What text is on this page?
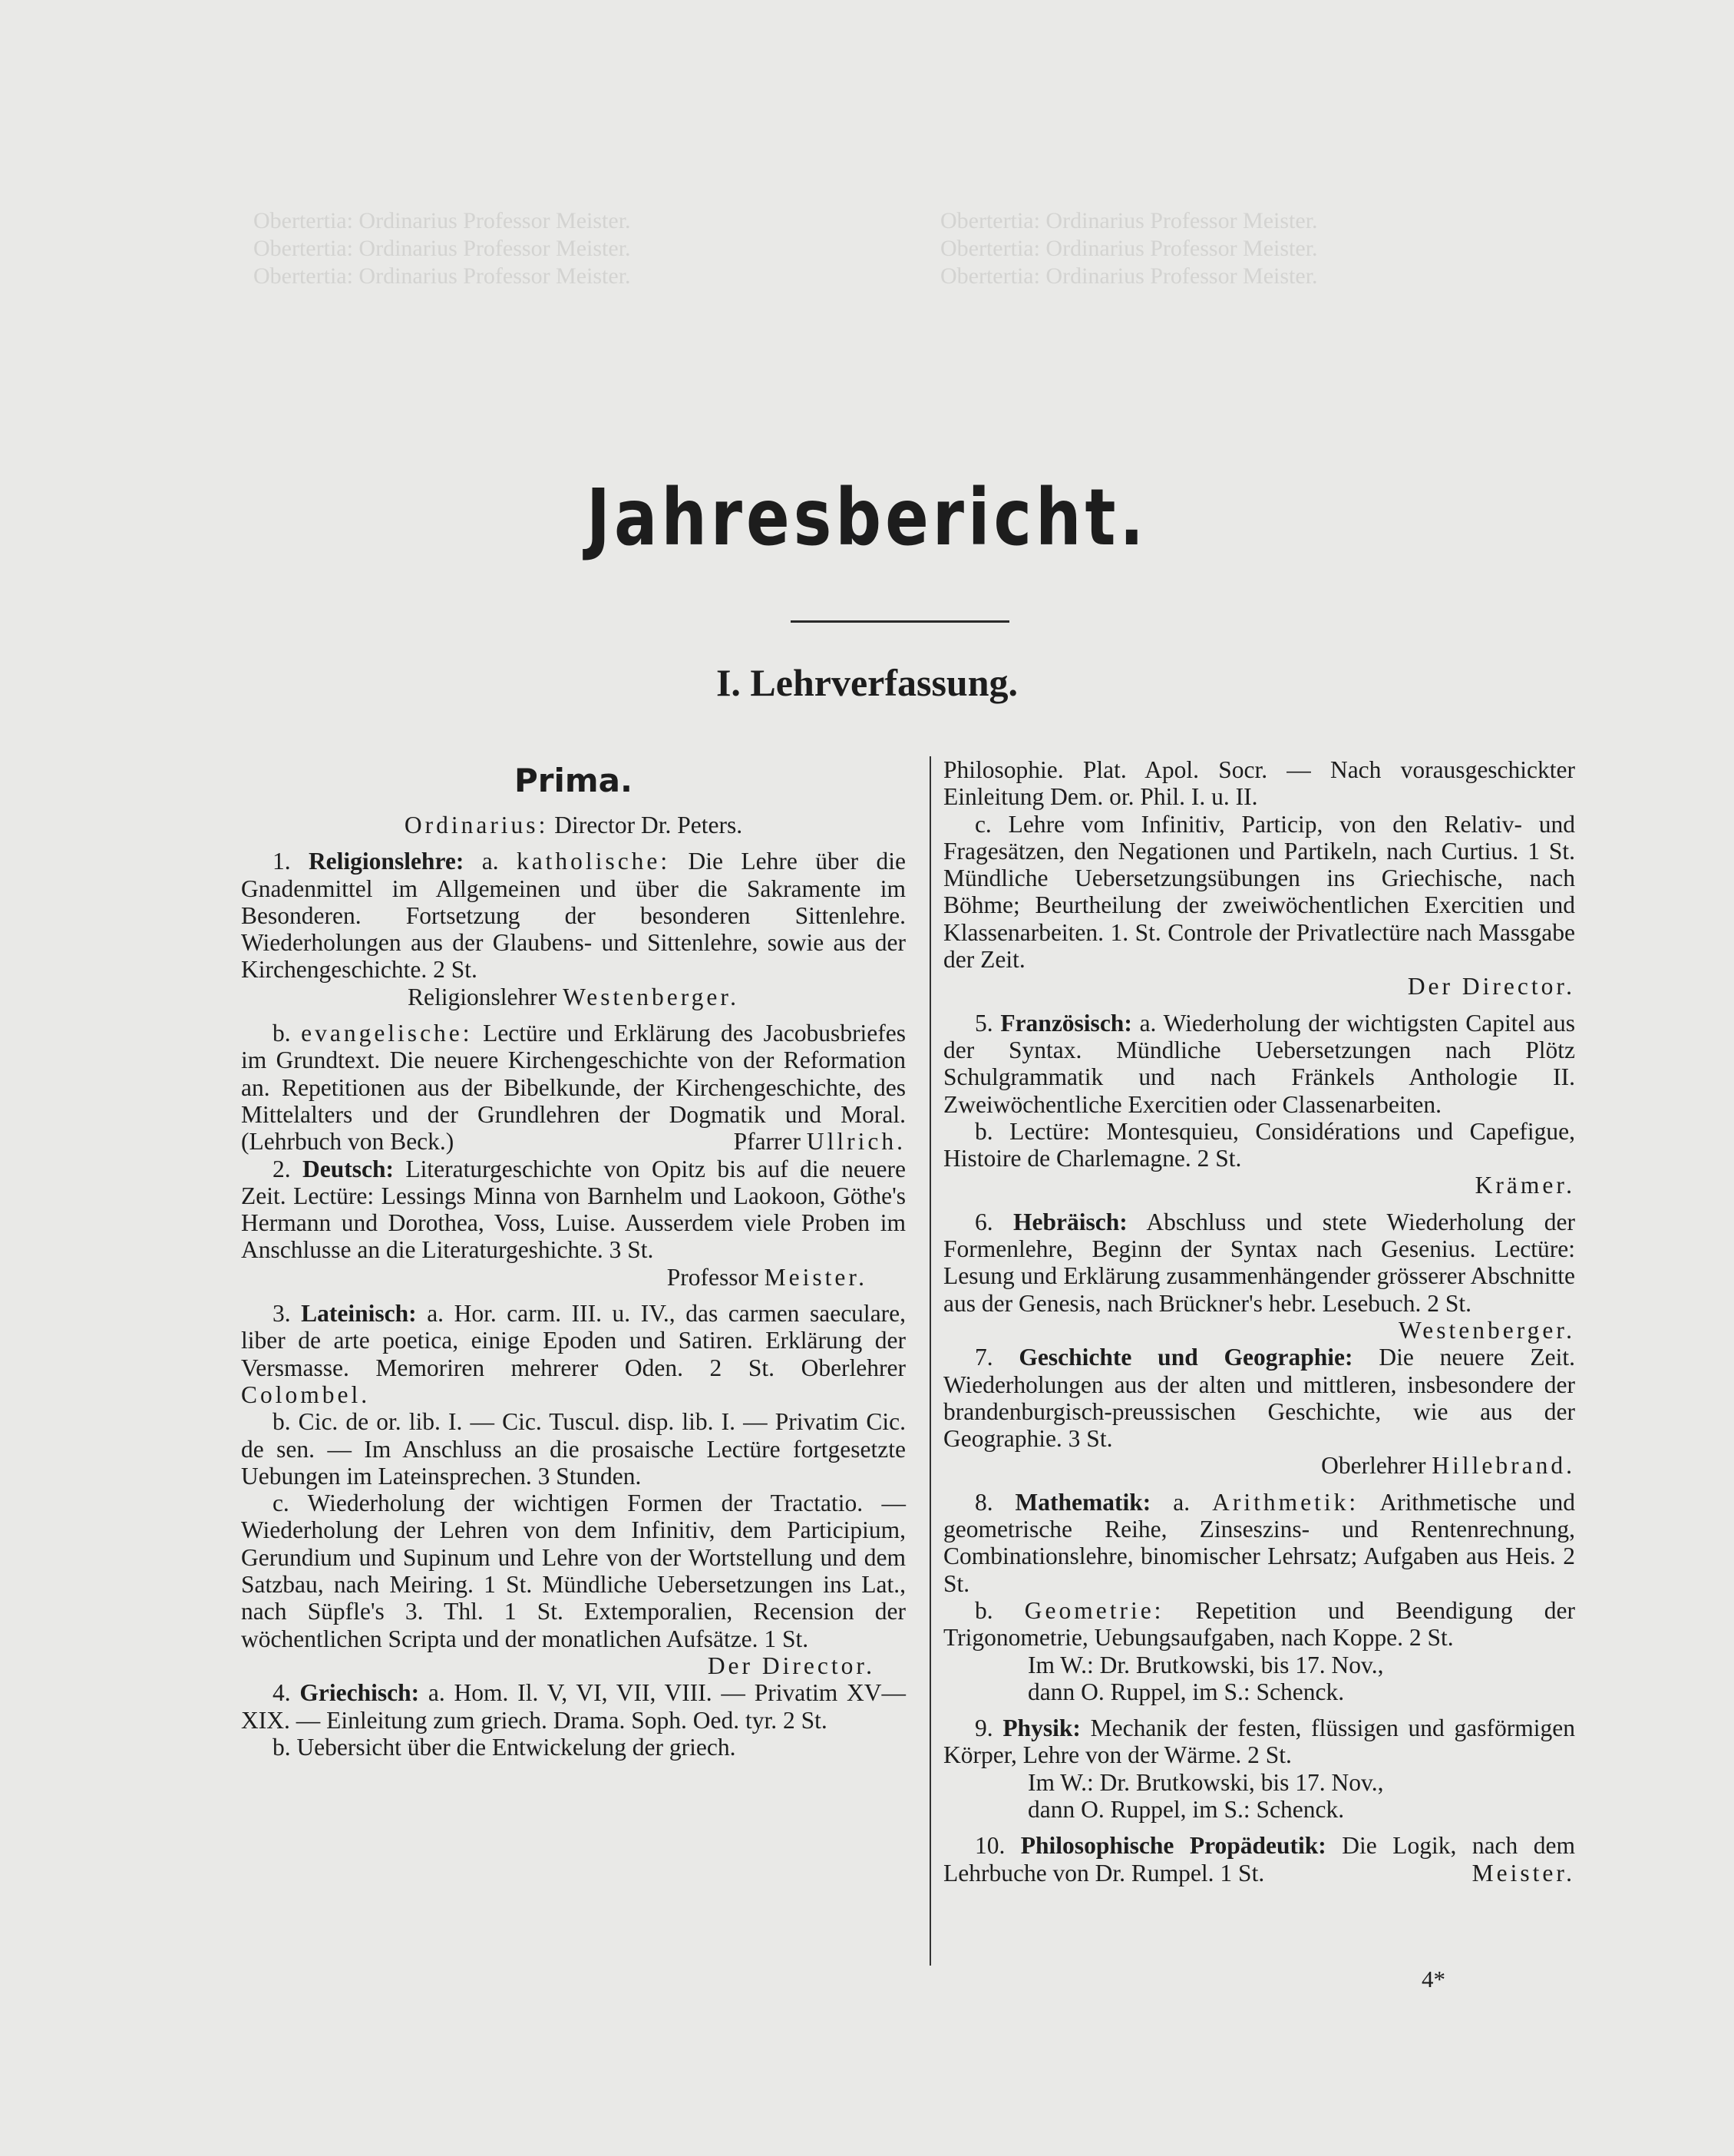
Obertertia: Ordinarius Professor Meister.
Obertertia: Ordinarius Professor Meister.
Obertertia: Ordinarius Professor Meister.
Obertertia: Ordinarius Professor Meister.
Obertertia: Ordinarius Professor Meister.
Obertertia: Ordinarius Professor Meister.
Jahresbericht.
I. Lehrverfassung.
Prima.

Ordinarius: Director Dr. Peters.

1. Religionslehre: a. katholische: Die Lehre über die Gnadenmittel im Allgemeinen und über die Sakramente im Besonderen. Fortsetzung der besonderen Sittenlehre. Wiederholungen aus der Glaubens- und Sittenlehre, sowie aus der Kirchengeschichte. 2 St.

Religionslehrer Westenberger.

b. evangelische: Lectüre und Erklärung des Jacobusbriefes im Grundtext. Die neuere Kirchengeschichte von der Reformation an. Repetitionen aus der Bibelkunde, der Kirchengeschichte, des Mittelalters und der Grundlehren der Dogmatik und Moral. (Lehrbuch von Beck.)	Pfarrer Ullrich.

2. Deutsch: Literaturgeschichte von Opitz bis auf die neuere Zeit. Lectüre: Lessings Minna von Barnhelm und Laokoon, Göthe's Hermann und Dorothea, Voss, Luise. Ausserdem viele Proben im Anschlusse an die Literaturgeshichte. 3 St.

Professor Meister.

3. Lateinisch: a. Hor. carm. III. u. IV., das carmen saeculare, liber de arte poetica, einige Epoden und Satiren. Erklärung der Versmasse. Memoriren mehrerer Oden. 2 St. Oberlehrer Colombel.

b. Cic. de or. lib. I. — Cic. Tuscul. disp. lib. I. — Privatim Cic. de sen. — Im Anschluss an die prosaische Lectüre fortgesetzte Uebungen im Lateinsprechen. 3 Stunden.

c. Wiederholung der wichtigen Formen der Tractatio. — Wiederholung der Lehren von dem Infinitiv, dem Participium, Gerundium und Supinum und Lehre von der Wortstellung und dem Satzbau, nach Meiring. 1 St. Mündliche Uebersetzungen ins Lat., nach Süpfle's 3. Thl. 1 St. Extemporalien, Recension der wöchentlichen Scripta und der monatlichen Aufsätze. 1 St.
Der Director.

4. Griechisch: a. Hom. Il. V, VI, VII, VIII. — Privatim XV—XIX. — Einleitung zum griech. Drama. Soph. Oed. tyr. 2 St.

b. Uebersicht über die Entwickelung der griech.

Philosophie. Plat. Apol. Socr. — Nach vorausgeschickter Einleitung Dem. or. Phil. I. u. II.

c. Lehre vom Infinitiv, Particip, von den Relativ- und Fragesätzen, den Negationen und Partikeln, nach Curtius. 1 St. Mündliche Uebersetzungsübungen ins Griechische, nach Böhme; Beurtheilung der zweiwöchentlichen Exercitien und Klassenarbeiten. 1. St. Controle der Privatlectüre nach Massgabe der Zeit.

Der Director.

5. Französisch: a. Wiederholung der wichtigsten Capitel aus der Syntax. Mündliche Uebersetzungen nach Plötz Schulgrammatik und nach Fränkels Anthologie II. Zweiwöchentliche Exercitien oder Classenarbeiten.

b. Lectüre: Montesquieu, Considérations und Capefigue, Histoire de Charlemagne. 2 St.

Krämer.

6. Hebräisch: Abschluss und stete Wiederholung der Formenlehre, Beginn der Syntax nach Gesenius. Lectüre: Lesung und Erklärung zusammenhängender grösserer Abschnitte aus der Genesis, nach Brückner's hebr. Lesebuch. 2 St.
Westenberger.

7. Geschichte und Geographie: Die neuere Zeit. Wiederholungen aus der alten und mittleren, insbesondere der brandenburgisch-preussischen Geschichte, wie aus der Geographie. 3 St.

Oberlehrer Hillebrand.

8. Mathematik: a. Arithmetik: Arithmetische und geometrische Reihe, Zinseszins- und Rentenrechnung, Combinationslehre, binomischer Lehrsatz; Aufgaben aus Heis. 2 St.

b. Geometrie: Repetition und Beendigung der Trigonometrie, Uebungsaufgaben, nach Koppe. 2 St.

Im W.: Dr. Brutkowski, bis 17. Nov.,

dann O. Ruppel, im S.: Schenck.

9. Physik: Mechanik der festen, flüssigen und gasförmigen Körper, Lehre von der Wärme. 2 St.

Im W.: Dr. Brutkowski, bis 17. Nov.,

dann O. Ruppel, im S.: Schenck.

10. Philosophische Propädeutik: Die Logik, nach dem Lehrbuche von Dr. Rumpel. 1 St.	Meister.

4*
